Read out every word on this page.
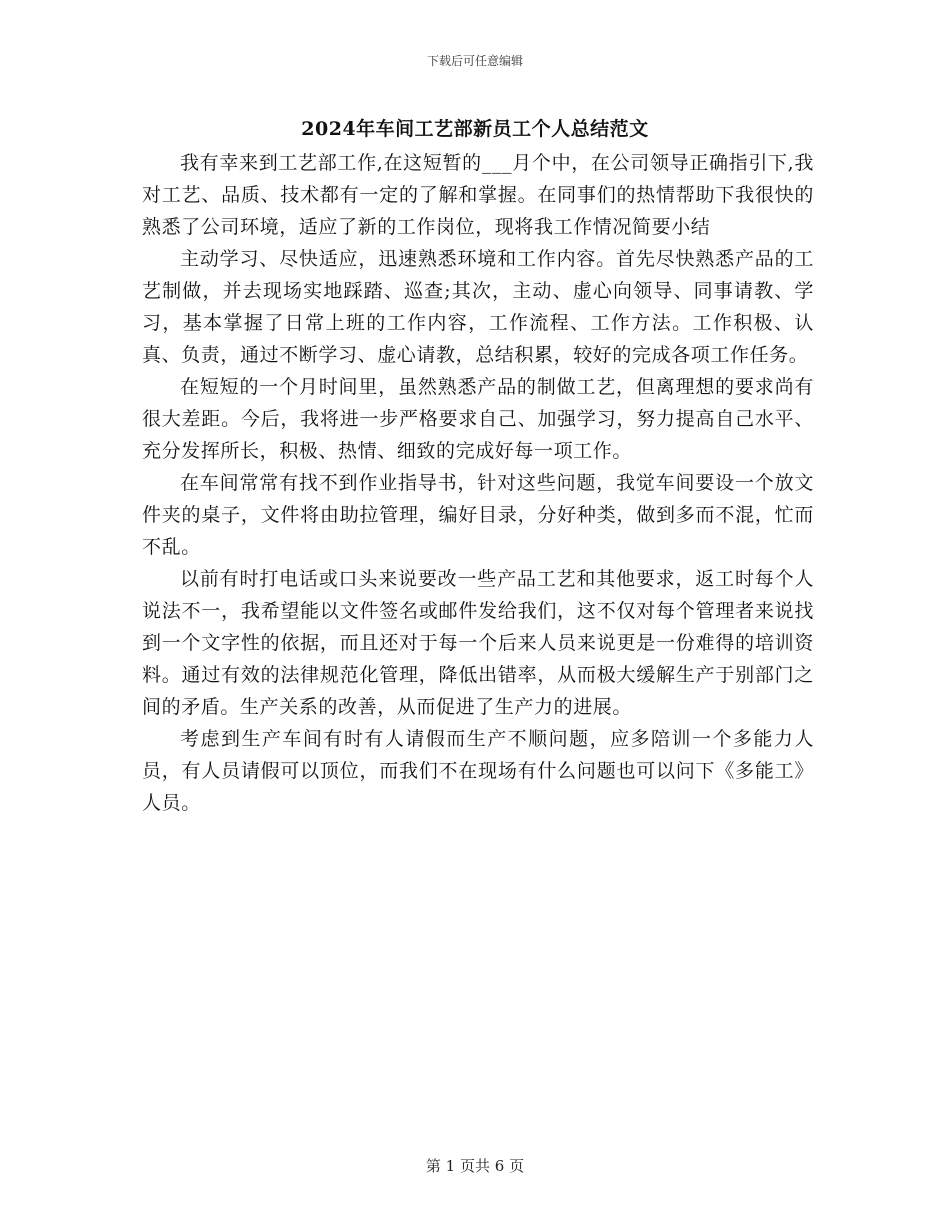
下载后可任意编辑
2024年车间工艺部新员工个人总结范文

我有幸来到工艺部工作,在这短暂的___月个中，在公司领导正确指引下,我对工艺、品质、技术都有一定的了解和掌握。在同事们的热情帮助下我很快的熟悉了公司环境，适应了新的工作岗位，现将我工作情况简要小结

主动学习、尽快适应，迅速熟悉环境和工作内容。首先尽快熟悉产品的工艺制做，并去现场实地踩踏、巡查;其次，主动、虚心向领导、同事请教、学习，基本掌握了日常上班的工作内容，工作流程、工作方法。工作积极、认真、负责，通过不断学习、虚心请教，总结积累，较好的完成各项工作任务。

在短短的一个月时间里，虽然熟悉产品的制做工艺，但离理想的要求尚有很大差距。今后，我将进一步严格要求自己、加强学习，努力提高自己水平、充分发挥所长，积极、热情、细致的完成好每一项工作。

在车间常常有找不到作业指导书，针对这些问题，我觉车间要设一个放文件夹的桌子，文件将由助拉管理，编好目录，分好种类，做到多而不混，忙而不乱。

以前有时打电话或口头来说要改一些产品工艺和其他要求，返工时每个人说法不一，我希望能以文件签名或邮件发给我们，这不仅对每个管理者来说找到一个文字性的依据，而且还对于每一个后来人员来说更是一份难得的培训资料。通过有效的法律规范化管理，降低出错率，从而极大缓解生产于别部门之间的矛盾。生产关系的改善，从而促进了生产力的进展。

考虑到生产车间有时有人请假而生产不顺问题，应多陪训一个多能力人员，有人员请假可以顶位，而我们不在现场有什么问题也可以问下《多能工》人员。

第 1 页共 6 页
